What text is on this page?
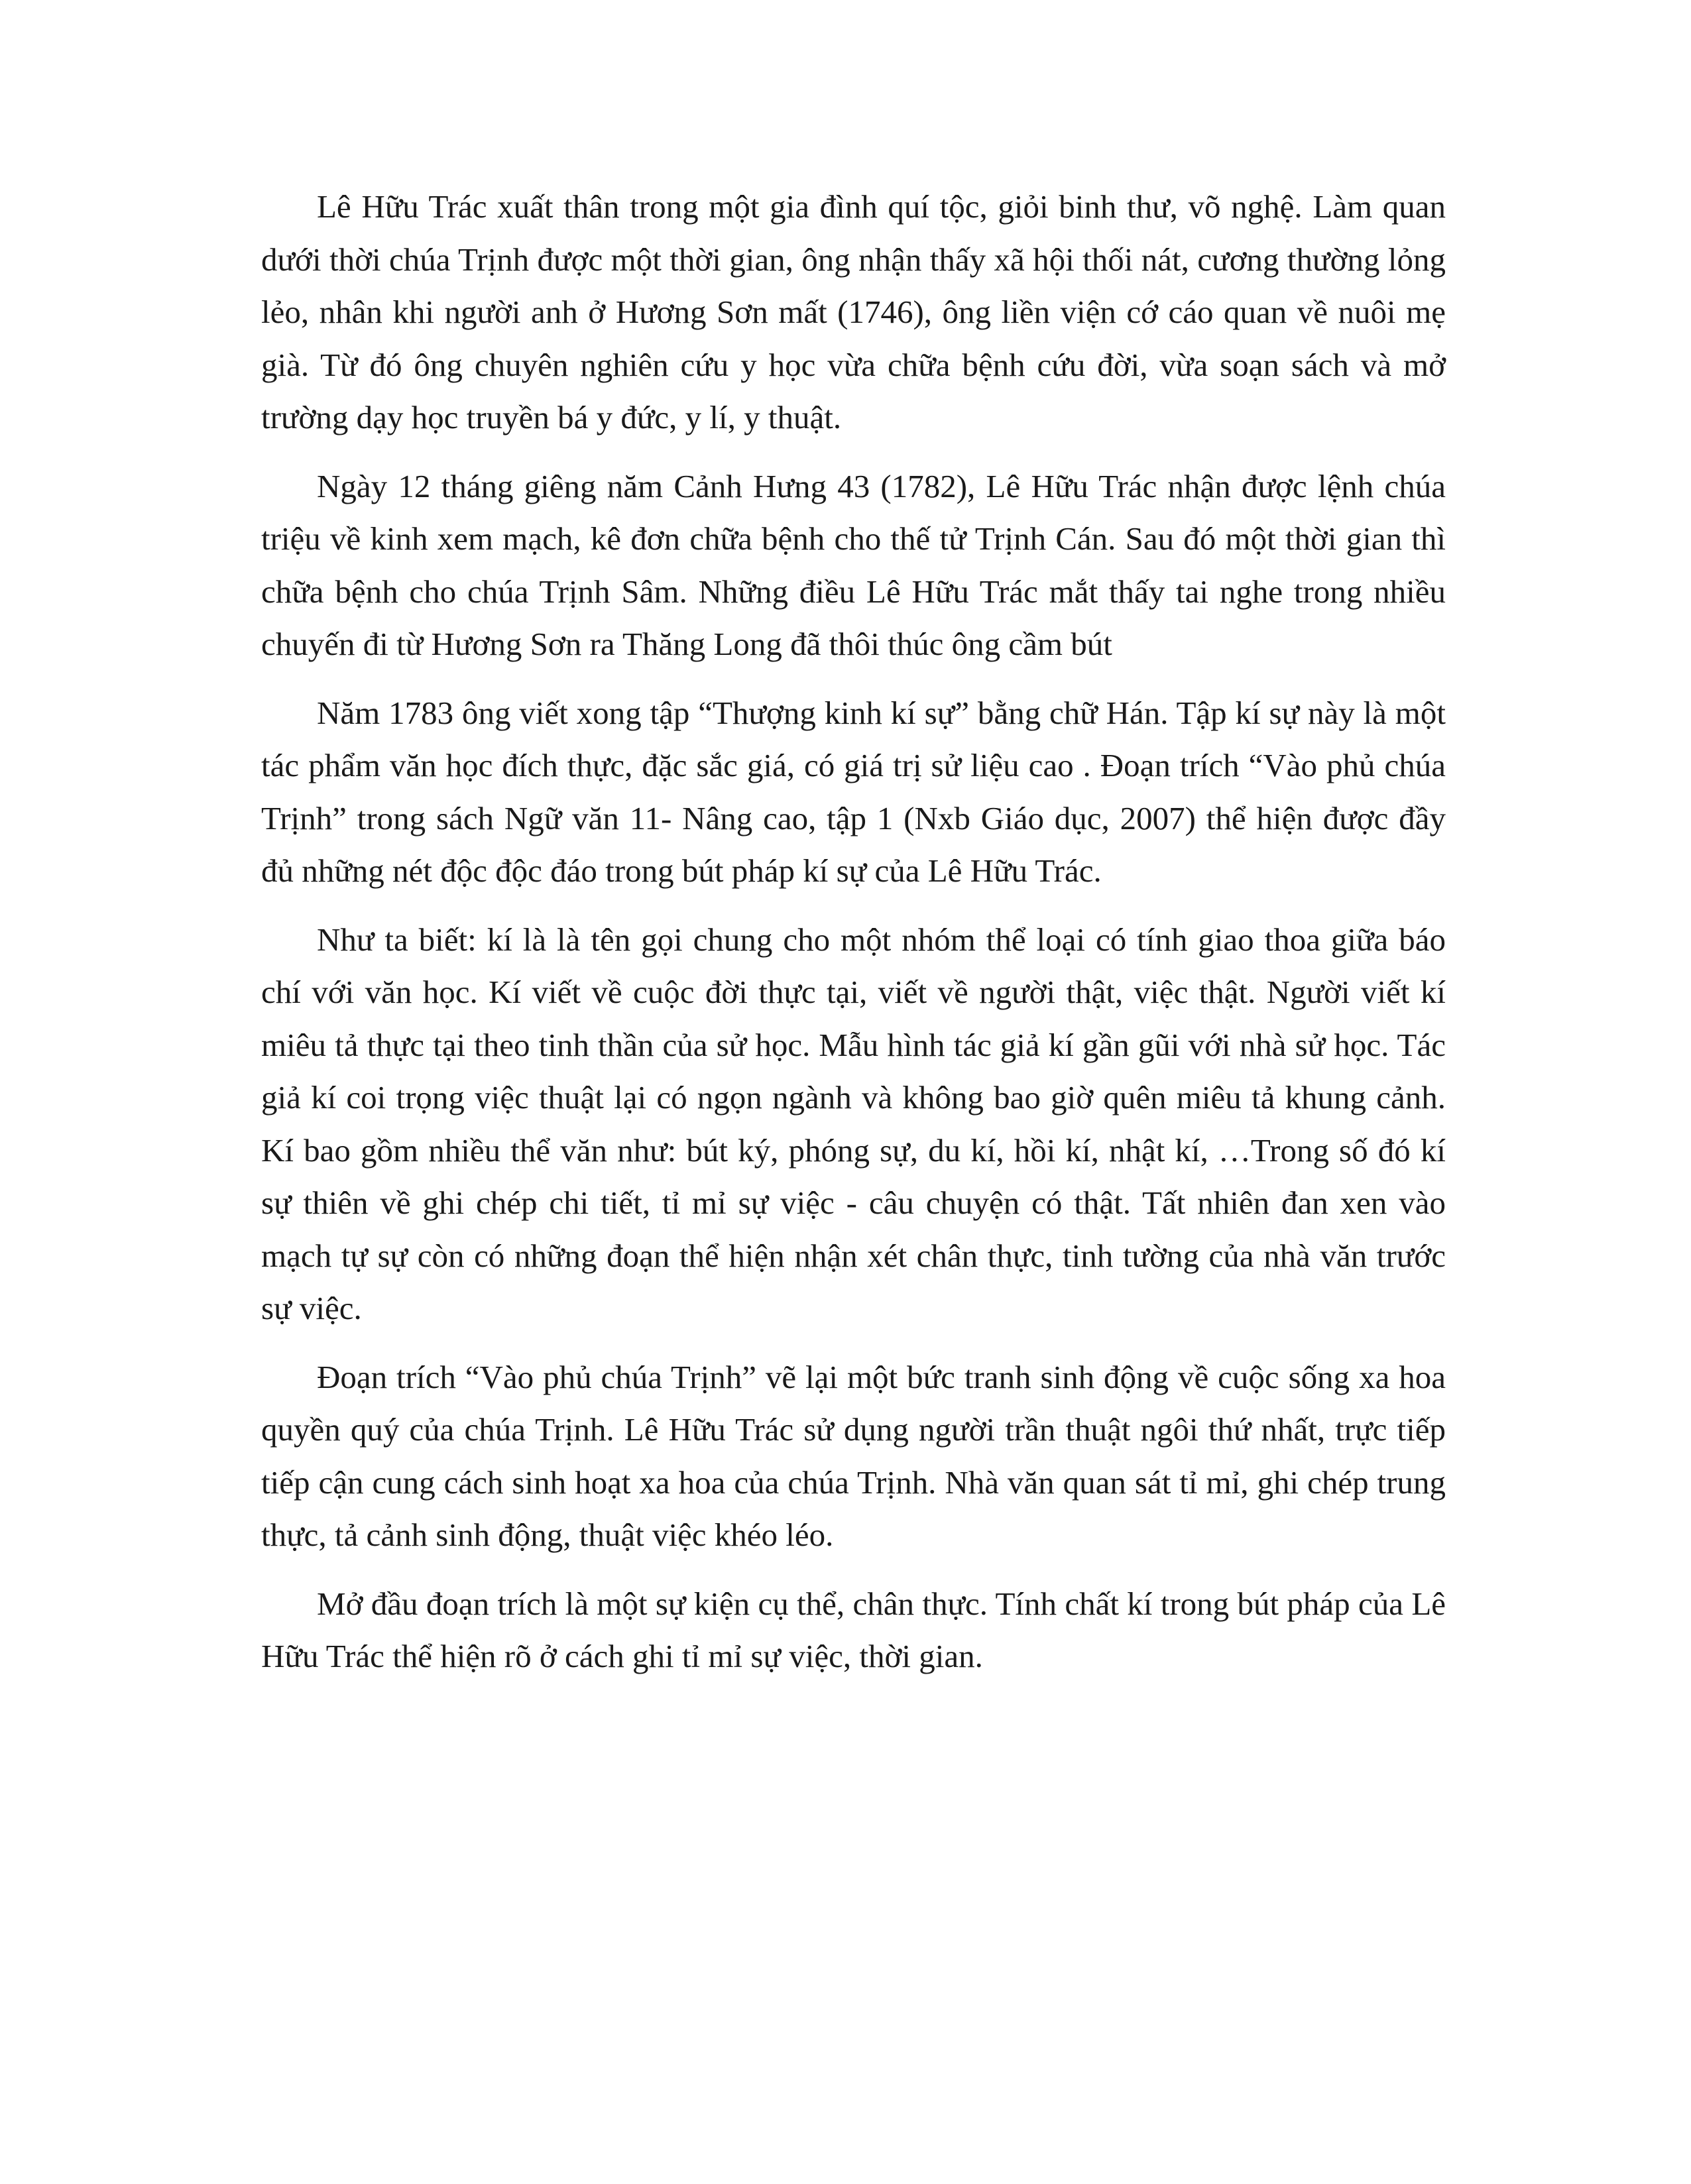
Lê Hữu Trác xuất thân trong một gia đình quí tộc, giỏi binh thư, võ nghệ. Làm quan dưới thời chúa Trịnh được một thời gian, ông nhận thấy xã hội thối nát, cương thường lỏng lẻo, nhân khi người anh ở Hương Sơn mất (1746), ông liền viện cớ cáo quan về nuôi mẹ già. Từ đó ông chuyên nghiên cứu y học vừa chữa bệnh cứu đời, vừa soạn sách và mở trường dạy học truyền bá y đức, y lí, y thuật.

Ngày 12 tháng giêng năm Cảnh Hưng 43 (1782), Lê Hữu Trác nhận được lệnh chúa triệu về kinh xem mạch, kê đơn chữa bệnh cho thế tử Trịnh Cán. Sau đó một thời gian thì chữa bệnh cho chúa Trịnh Sâm. Những điều Lê Hữu Trác mắt thấy tai nghe trong nhiều chuyến đi từ Hương Sơn ra Thăng Long đã thôi thúc ông cầm bút

Năm 1783 ông viết xong tập “Thượng kinh kí sự” bằng chữ Hán. Tập kí sự này là một tác phẩm văn học đích thực, đặc sắc giá, có giá trị sử liệu cao . Đoạn trích “Vào phủ chúa Trịnh” trong sách Ngữ văn 11- Nâng cao, tập 1 (Nxb Giáo dục, 2007) thể hiện được đầy đủ những nét độc độc đáo trong bút pháp kí sự của Lê Hữu Trác.

Như ta biết: kí là là tên gọi chung cho một nhóm thể loại có tính giao thoa giữa báo chí với văn học. Kí viết về cuộc đời thực tại, viết về người thật, việc thật. Người viết kí miêu tả thực tại theo tinh thần của sử học. Mẫu hình tác giả kí gần gũi với nhà sử học. Tác giả kí coi trọng việc thuật lại có ngọn ngành và không bao giờ quên miêu tả khung cảnh. Kí bao gồm nhiều thể văn như: bút ký, phóng sự, du kí, hồi kí, nhật kí, …Trong số đó kí sự thiên về ghi chép chi tiết, tỉ mỉ sự việc - câu chuyện có thật. Tất nhiên đan xen vào mạch tự sự còn có những đoạn thể hiện nhận xét chân thực, tinh tường của nhà văn trước sự việc.

Đoạn trích “Vào phủ chúa Trịnh” vẽ lại một bức tranh sinh động về cuộc sống xa hoa quyền quý của chúa Trịnh. Lê Hữu Trác sử dụng người trần thuật ngôi thứ nhất, trực tiếp tiếp cận cung cách sinh hoạt xa hoa của chúa Trịnh. Nhà văn quan sát tỉ mỉ, ghi chép trung thực, tả cảnh sinh động, thuật việc khéo léo.

Mở đầu đoạn trích là một sự kiện cụ thể, chân thực. Tính chất kí trong bút pháp của Lê Hữu Trác thể hiện rõ ở cách ghi tỉ mỉ sự việc, thời gian.
